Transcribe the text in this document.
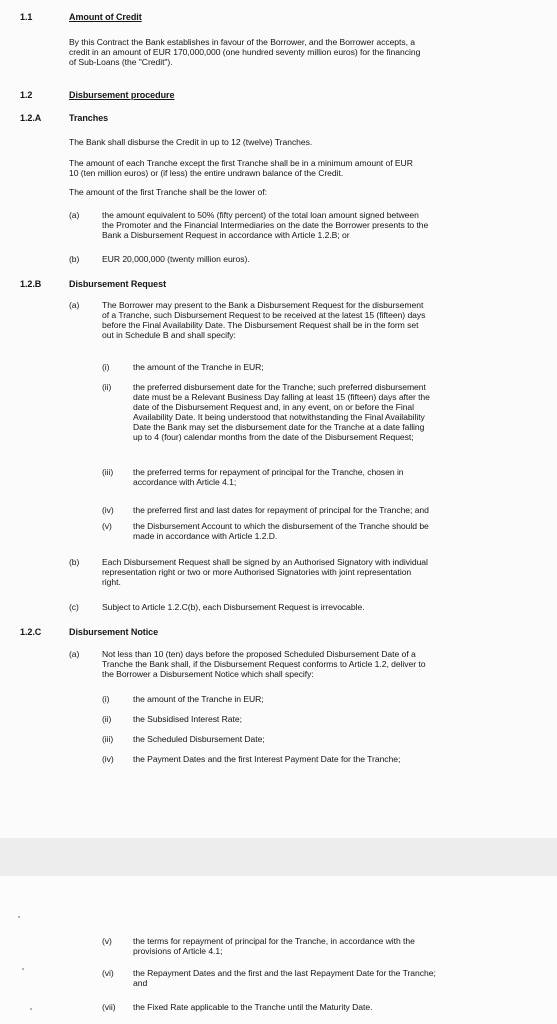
1.1	Amount of Credit
By this Contract the Bank establishes in favour of the Borrower, and the Borrower accepts, a
credit in an amount of EUR 170,000,000 (one hundred seventy million euros) for the financing
of Sub-Loans (the "Credit").
1.2	Disbursement procedure
1.2.A	Tranches
The Bank shall disburse the Credit in up to 12 (twelve) Tranches.
The amount of each Tranche except the first Tranche shall be in a minimum amount of EUR
10 (ten million euros) or (if less) the entire undrawn balance of the Credit.
The amount of the first Tranche shall be the lower of:
(a)	the amount equivalent to 50% (fifty percent) of the total loan amount signed between
the Promoter and the Financial Intermediaries on the date the Borrower presents to the
Bank a Disbursement Request in accordance with Article 1.2.B; or
(b)	EUR 20,000,000 (twenty million euros).
1.2.B	Disbursement Request
(a)	The Borrower may present to the Bank a Disbursement Request for the disbursement
of a Tranche, such Disbursement Request to be received at the latest 15 (fifteen) days
before the Final Availability Date. The Disbursement Request shall be in the form set
out in Schedule B and shall specify:
(i)	the amount of the Tranche in EUR;
(ii)	the preferred disbursement date for the Tranche; such preferred disbursement
date must be a Relevant Business Day falling at least 15 (fifteen) days after the
date of the Disbursement Request and, in any event, on or before the Final
Availability Date. It being understood that notwithstanding the Final Availability
Date the Bank may set the disbursement date for the Tranche at a date falling
up to 4 (four) calendar months from the date of the Disbursement Request;
(iii) the preferred terms for repayment of principal for the Tranche, chosen in
accordance with Article 4.1;
(iv) the preferred first and last dates for repayment of principal for the Tranche; and
(v) the Disbursement Account to which the disbursement of the Tranche should be
made in accordance with Article 1.2.D.
(b)	Each Disbursement Request shall be signed by an Authorised Signatory with individual
representation right or two or more Authorised Signatories with joint representation
right.
(c)	Subject to Article 1.2.C(b), each Disbursement Request is irrevocable.
1.2.C	Disbursement Notice
(a)	Not less than 10 (ten) days before the proposed Scheduled Disbursement Date of a
Tranche the Bank shall, if the Disbursement Request conforms to Article 1.2, deliver to
the Borrower a Disbursement Notice which shall specify:
(i)	the amount of the Tranche in EUR;
(ii)	the Subsidised Interest Rate;
(iii) the Scheduled Disbursement Date;
(iv) the Payment Dates and the first Interest Payment Date for the Tranche;
(v) the terms for repayment of principal for the Tranche, in accordance with the
provisions of Article 4.1;
(vi) the Repayment Dates and the first and the last Repayment Date for the Tranche;
and
(vii) the Fixed Rate applicable to the Tranche until the Maturity Date.
